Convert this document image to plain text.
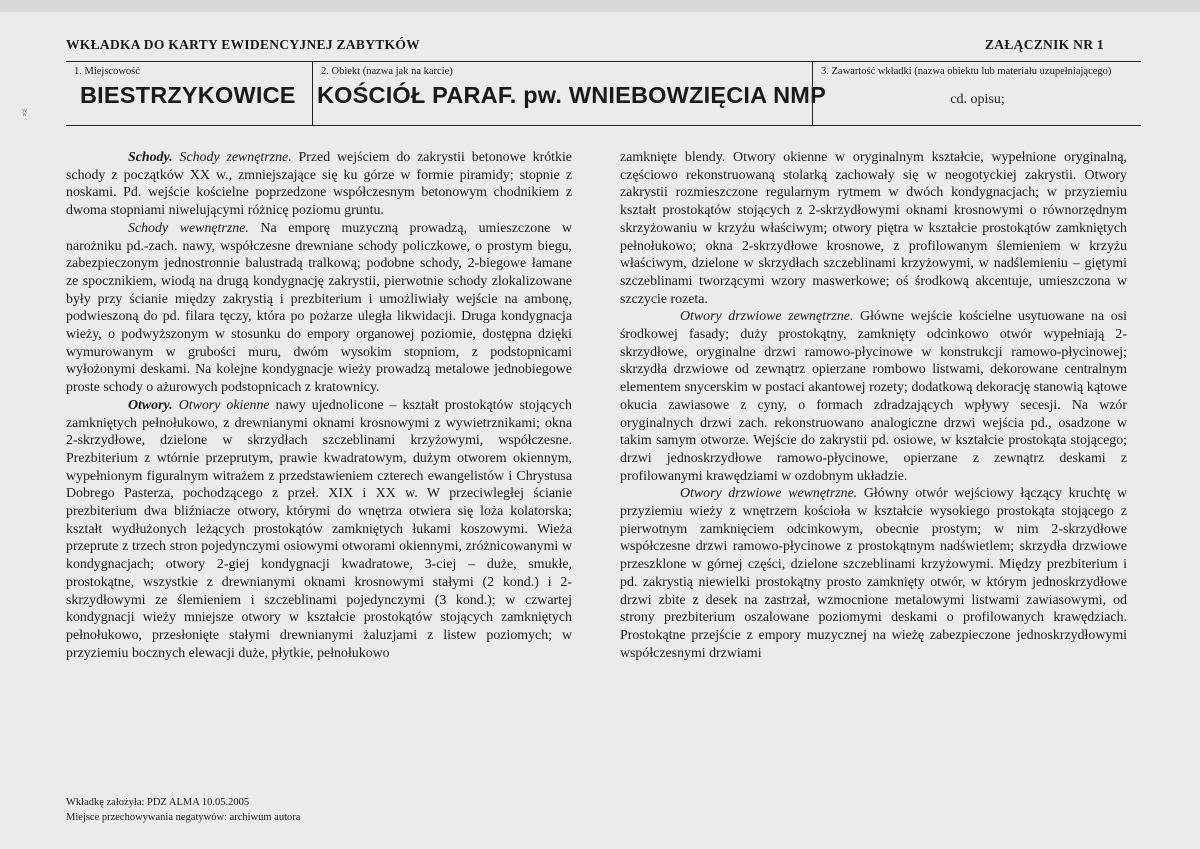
ʬ
WKŁADKA DO KARTY EWIDENCYJNEJ ZABYTKÓW	ZAŁĄCZNIK NR 1
1. Miejscowość
BIESTRZYKOWICE
2. Obiekt (nazwa jak na karcie)
KOŚCIÓŁ PARAF. pw. WNIEBOWZIĘCIA NMP
3. Zawartość wkładki (nazwa obiektu lub materiału uzupełniającego)
cd. opisu;

Schody. Schody zewnętrzne. Przed wejściem do zakrystii betonowe krótkie schody z początków XX w., zmniejszające się ku górze w formie piramidy; stopnie z noskami. Pd. wejście kościelne poprzedzone współczesnym betonowym chodnikiem z dwoma stopniami niwelującymi różnicę poziomu gruntu.

Schody wewnętrzne. Na emporę muzyczną prowadzą, umieszczone w narożniku pd.-zach. nawy, współczesne drewniane schody policzkowe, o prostym biegu, zabezpieczonym jednostronnie balustradą tralkową; podobne schody, 2-biegowe łamane ze spocznikiem, wiodą na drugą kondygnację zakrystii, pierwotnie schody zlokalizowane były przy ścianie między zakrystią i prezbiterium i umożliwiały wejście na ambonę, podwieszoną do pd. filara tęczy, która po pożarze uległa likwidacji. Druga kondygnacja wieży, o podwyższonym w stosunku do empory organowej poziomie, dostępna dzięki wymurowanym w grubości muru, dwóm wysokim stopniom, z podstopnicami wyłożonymi deskami. Na kolejne kondygnacje wieży prowadzą metalowe jednobiegowe proste schody o ażurowych podstopnicach z kratownicy.

Otwory. Otwory okienne nawy ujednolicone – kształt prostokątów stojących zamkniętych pełnołukowo, z drewnianymi oknami krosnowymi z wywietrznikami; okna 2-skrzydłowe, dzielone w skrzydłach szczeblinami krzyżowymi, współczesne. Prezbiterium z wtórnie przeprutym, prawie kwadratowym, dużym otworem okiennym, wypełnionym figuralnym witrażem z przedstawieniem czterech ewangelistów i Chrystusa Dobrego Pasterza, pochodzącego z przeł. XIX i XX w. W przeciwległej ścianie prezbiterium dwa bliźniacze otwory, którymi do wnętrza otwiera się loża kolatorska; kształt wydłużonych leżących prostokątów zamkniętych łukami koszowymi. Wieża przeprute z trzech stron pojedynczymi osiowymi otworami okiennymi, zróżnicowanymi w kondygnacjach; otwory 2-giej kondygnacji kwadratowe, 3-ciej – duże, smukłe, prostokątne, wszystkie z drewnianymi oknami krosnowymi stałymi (2 kond.) i 2-skrzydłowymi ze ślemieniem i szczeblinami pojedynczymi (3 kond.); w czwartej kondygnacji wieży mniejsze otwory w kształcie prostokątów stojących zamkniętych pełnołukowo, przesłonięte stałymi drewnianymi żaluzjami z listew poziomych; w przyziemiu bocznych elewacji duże, płytkie, pełnołukowo

zamknięte blendy. Otwory okienne w oryginalnym kształcie, wypełnione oryginalną, częściowo rekonstruowaną stolarką zachowały się w neogotyckiej zakrystii. Otwory zakrystii rozmieszczone regularnym rytmem w dwóch kondygnacjach; w przyziemiu kształt prostokątów stojących z 2-skrzydłowymi oknami krosnowymi o równorzędnym skrzyżowaniu w krzyżu właściwym; otwory piętra w kształcie prostokątów zamkniętych pełnołukowo; okna 2-skrzydłowe krosnowe, z profilowanym ślemieniem w krzyżu właściwym, dzielone w skrzydłach szczeblinami krzyżowymi, w nadślemieniu – giętymi szczeblinami tworzącymi wzory maswerkowe; oś środkową akcentuje, umieszczona w szczycie rozeta.

Otwory drzwiowe zewnętrzne. Główne wejście kościelne usytuowane na osi środkowej fasady; duży prostokątny, zamknięty odcinkowo otwór wypełniają 2-skrzydłowe, oryginalne drzwi ramowo-płycinowe w konstrukcji ramowo-płycinowej; skrzydła drzwiowe od zewnątrz opierzane rombowo listwami, dekorowane centralnym elementem snycerskim w postaci akantowej rozety; dodatkową dekorację stanowią kątowe okucia zawiasowe z cyny, o formach zdradzających wpływy secesji. Na wzór oryginalnych drzwi zach. rekonstruowano analogiczne drzwi wejścia pd., osadzone w takim samym otworze. Wejście do zakrystii pd. osiowe, w kształcie prostokąta stojącego; drzwi jednoskrzydłowe ramowo-płycinowe, opierzane z zewnątrz deskami z profilowanymi krawędziami w ozdobnym układzie.

Otwory drzwiowe wewnętrzne. Główny otwór wejściowy łączący kruchtę w przyziemiu wieży z wnętrzem kościoła w kształcie wysokiego prostokąta stojącego z pierwotnym zamknięciem odcinkowym, obecnie prostym; w nim 2-skrzydłowe współczesne drzwi ramowo-płycinowe z prostokątnym nadświetlem; skrzydła drzwiowe przeszklone w górnej części, dzielone szczeblinami krzyżowymi. Między prezbiterium i pd. zakrystią niewielki prostokątny prosto zamknięty otwór, w którym jednoskrzydłowe drzwi zbite z desek na zastrzał, wzmocnione metalowymi listwami zawiasowymi, od strony prezbiterium oszalowane poziomymi deskami o profilowanych krawędziach. Prostokątne przejście z empory muzycznej na wieżę zabezpieczone jednoskrzydłowymi współczesnymi drzwiami

Wkładkę założyła: PDZ ALMA 10.05.2005
Miejsce przechowywania negatywów: archiwum autora
